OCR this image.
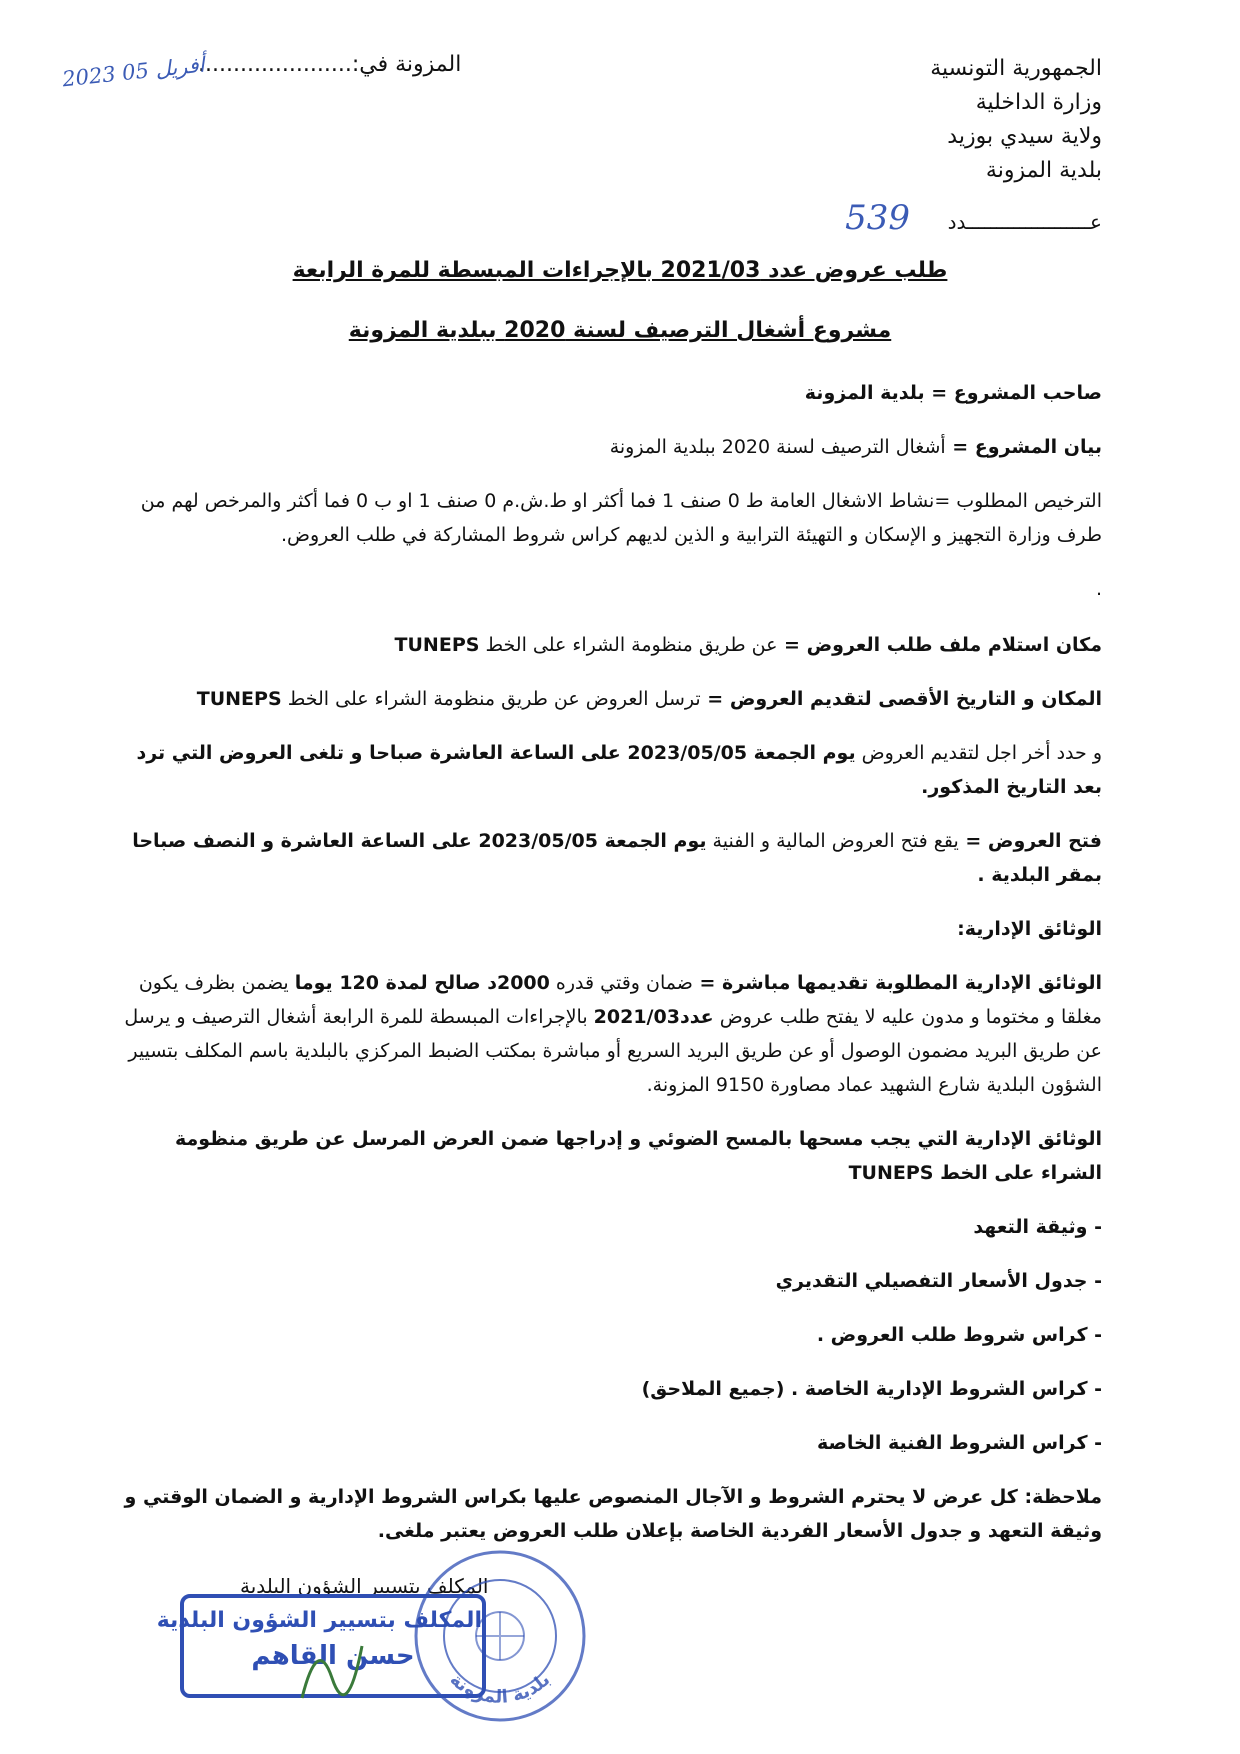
الجمهورية التونسية
وزارة الداخلية
ولاية سيدي بوزيد
بلدية المزونة
المزونة في:......................
2023 أفريل 05
عـــــــــــــــــــــدد
539
طلب عروض عدد 2021/03 بالإجراءات المبسطة للمرة الرابعة
مشروع أشغال الترصيف لسنة 2020 ببلدية المزونة

صاحب المشروع = بلدية المزونة

بيان المشروع = أشغال الترصيف لسنة 2020 ببلدية المزونة

الترخيص المطلوب =نشاط الاشغال العامة ط 0 صنف 1 فما أكثر او ط.ش.م 0 صنف 1 او ب 0 فما أكثر والمرخص لهم من طرف وزارة التجهيز و الإسكان و التهيئة الترابية و الذين لديهم كراس شروط المشاركة في طلب العروض.

.

مكان استلام ملف طلب العروض = عن طريق منظومة الشراء على الخط TUNEPS

المكان و التاريخ الأقصى لتقديم العروض = ترسل العروض عن طريق منظومة الشراء على الخط TUNEPS

و حدد أخر اجل لتقديم العروض يوم الجمعة 2023/05/05 على الساعة العاشرة صباحا و تلغى العروض التي ترد بعد التاريخ المذكور.

فتح العروض = يقع فتح العروض المالية و الفنية يوم الجمعة 2023/05/05 على الساعة العاشرة و النصف صباحا بمقر البلدية .

الوثائق الإدارية:

الوثائق الإدارية المطلوبة تقديمها مباشرة = ضمان وقتي قدره 2000د صالح لمدة 120 يوما يضمن بظرف يكون مغلقا و مختوما و مدون عليه لا يفتح طلب عروض عدد2021/03 بالإجراءات المبسطة للمرة الرابعة أشغال الترصيف و يرسل عن طريق البريد مضمون الوصول أو عن طريق البريد السريع أو مباشرة بمكتب الضبط المركزي بالبلدية باسم المكلف بتسيير الشؤون البلدية شارع الشهيد عماد مصاورة 9150 المزونة.

الوثائق الإدارية التي يجب مسحها بالمسح الضوئي و إدراجها ضمن العرض المرسل عن طريق منظومة الشراء على الخط TUNEPS

- وثيقة التعهد

- جدول الأسعار التفصيلي التقديري

- كراس شروط طلب العروض .

- كراس الشروط الإدارية الخاصة . (جميع الملاحق)

- كراس الشروط الفنية الخاصة

ملاحظة: كل عرض لا يحترم الشروط و الآجال المنصوص عليها بكراس الشروط الإدارية و الضمان الوقتي و وثيقة التعهد و جدول الأسعار الفردية الخاصة بإعلان طلب العروض يعتبر ملغى.

المكلف بتسيير الشؤون البلدية
المكلف بتسيير الشؤون البلدية
حسن القاهم
بلدية المزونة
